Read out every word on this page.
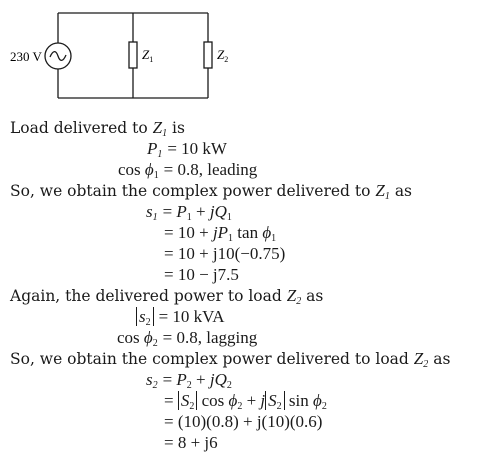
230 V	$Z_1$	$Z_2$
Load delivered to $Z_1$ is
$P_1 = 10$ kW
$\cos \phi_1 = 0.8$, leading
So, we obtain the complex power delivered to $Z_1$ as
$s_1 = P_1 + jQ_1$
= $10 + jP_1$ $\tan \phi_1$
= 10 + j10(−0.75)
= 10 − j7.5
Again, the delivered power to load $Z_2$ as
$s_2 = 10$ kVA
$\cos \phi_2 = 0.8$, lagging
So, we obtain the complex power delivered to load $Z_2$ as
$s_2 = P_2 + jQ_2$
= $S_2$ $\cos \phi_2 + j$ $S_2$ $\sin \phi_2$
= (10)(0.8) + j(10)(0.6)
= 8 + j6
